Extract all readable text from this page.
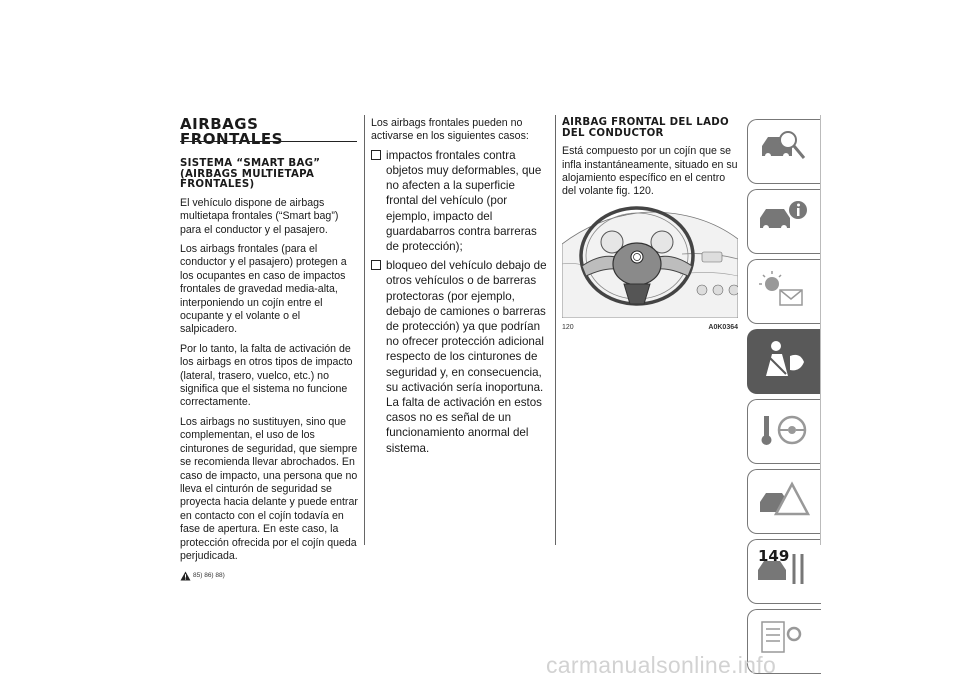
AIRBAGS
FRONTALES
SISTEMA “SMART BAG” (AIRBAGS MULTIETAPA FRONTALES)

El vehículo dispone de airbags multietapa frontales (“Smart bag”) para el conductor y el pasajero.

Los airbags frontales (para el conductor y el pasajero) protegen a los ocupantes en caso de impactos frontales de gravedad media-alta, interponiendo un cojín entre el ocupante y el volante o el salpicadero.

Por lo tanto, la falta de activación de los airbags en otros tipos de impacto (lateral, trasero, vuelco, etc.) no significa que el sistema no funcione correctamente.

Los airbags no sustituyen, sino que complementan, el uso de los cinturones de seguridad, que siempre se recomienda llevar abrochados. En caso de impacto, una persona que no lleva el cinturón de seguridad se proyecta hacia delante y puede entrar en contacto con el cojín todavía en fase de apertura. En este caso, la protección ofrecida por el cojín queda perjudicada.

85) 86) 88)

Los airbags frontales pueden no activarse en los siguientes casos:

impactos frontales contra objetos muy deformables, que no afecten a la superficie frontal del vehículo (por ejemplo, impacto del guardabarros contra barreras de protección);
bloqueo del vehículo debajo de otros vehículos o de barreras protectoras (por ejemplo, debajo de camiones o barreras de protección) ya que podrían no ofrecer protección adicional respecto de los cinturones de seguridad y, en consecuencia, su activación sería inoportuna. La falta de activación en estos casos no es señal de un funcionamiento anormal del sistema.
AIRBAG FRONTAL DEL LADO DEL CONDUCTOR

Está compuesto por un cojín que se infla instantáneamente, situado en su alojamiento específico en el centro del volante fig. 120.

120	A0K0364
149
carmanualsonline.info
